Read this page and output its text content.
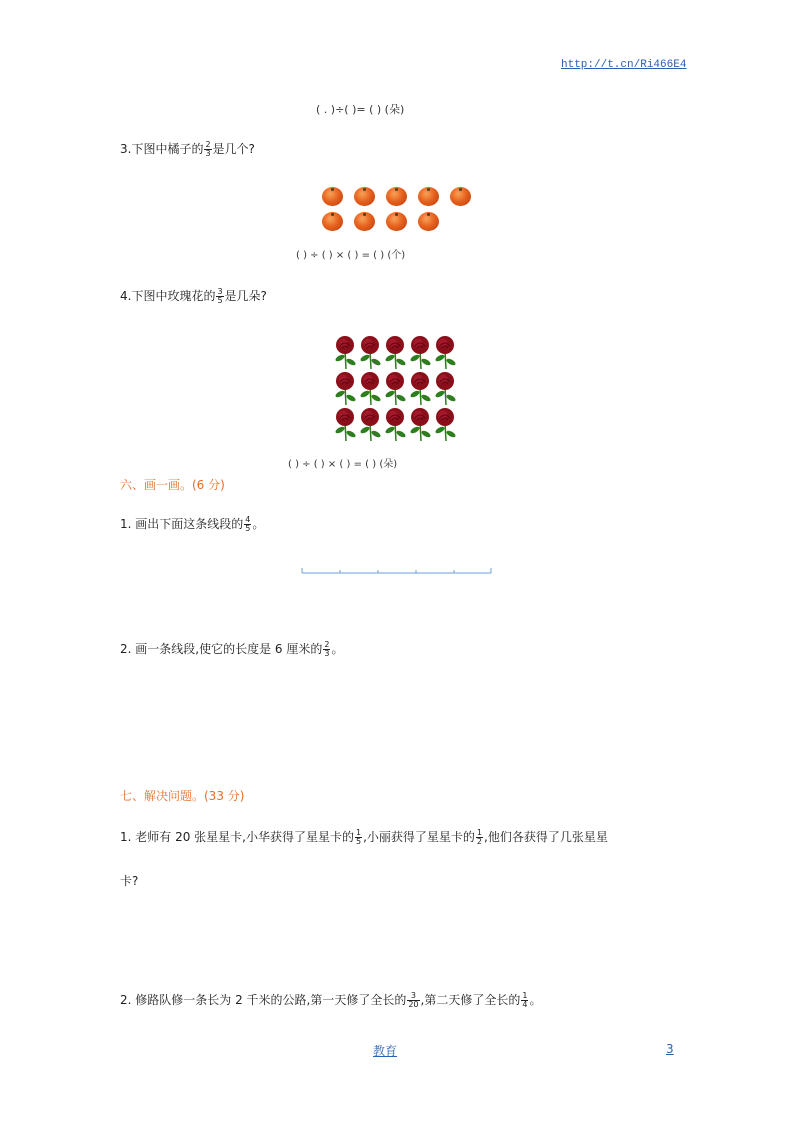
http://t.cn/Ri466E4
( . )÷( )= ( ) (朵)
3.下图中橘子的 $\frac{2}{3}$ 是几个?
( ) ÷ ( ) × ( ) = ( ) (个)
4.下图中玫瑰花的 $\frac{3}{5}$ 是几朵?
( ) ÷ ( ) × ( ) = ( ) (朵)
六、画一画。(6 分)
1. 画出下面这条线段的 $\frac{4}{5}$ 。
2. 画一条线段,使它的长度是 6 厘米的 $\frac{2}{3}$ 。
七、解决问题。(33 分)
1. 老师有 20 张星星卡,小华获得了星星卡的 $\frac{1}{5}$ ,小丽获得了星星卡的 $\frac{1}{2}$ ,他们各获得了几张星星
卡?
2. 修路队修一条长为 2 千米的公路,第一天修了全长的 $\frac{3}{20}$ ,第二天修了全长的 $\frac{1}{4}$ 。
教育	3
